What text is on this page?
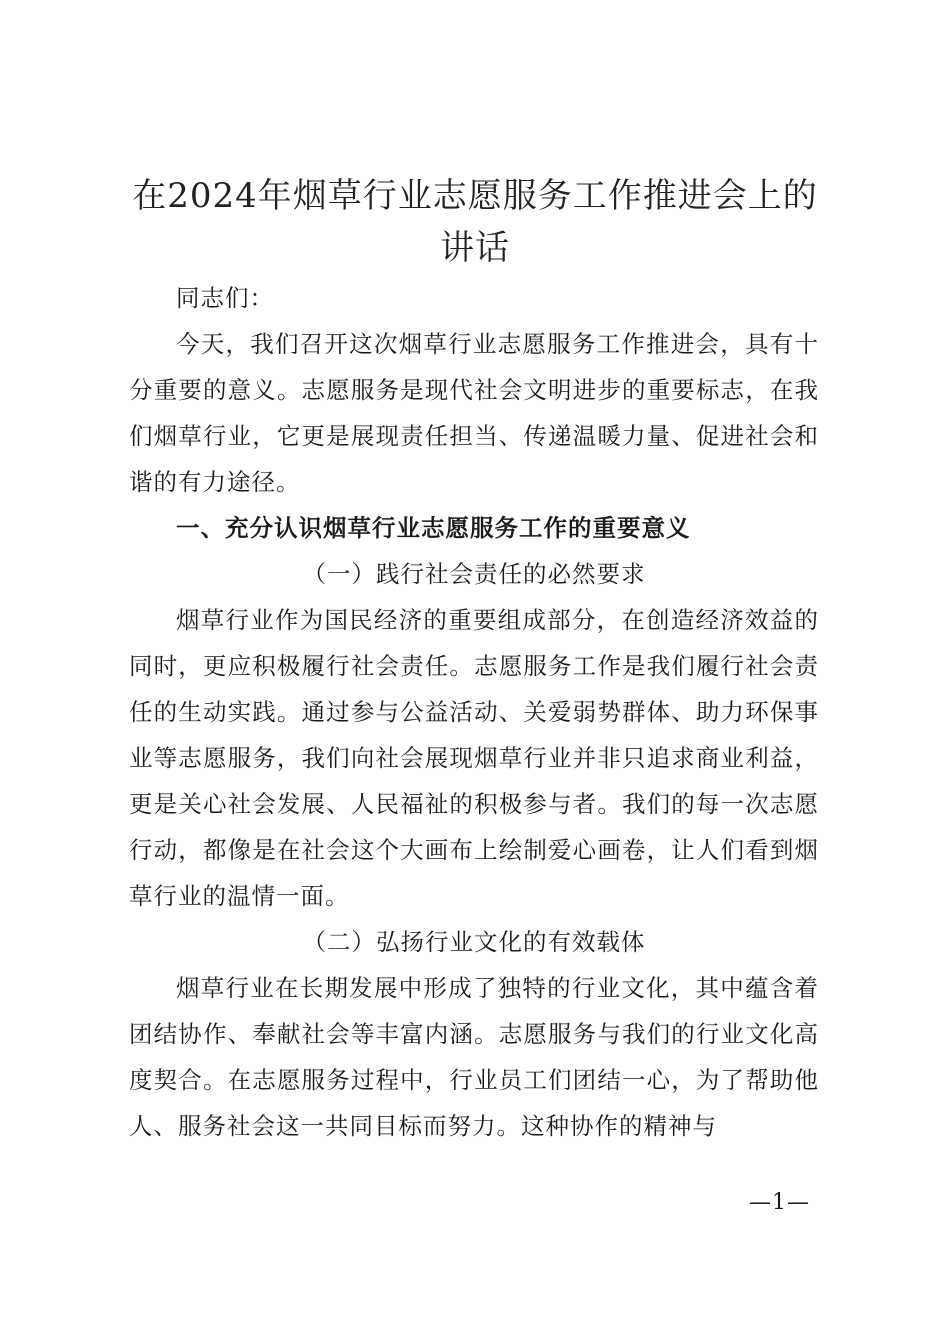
在2024年烟草行业志愿服务工作推进会上的讲话

同志们：

今天，我们召开这次烟草行业志愿服务工作推进会，具有十分重要的意义。志愿服务是现代社会文明进步的重要标志，在我们烟草行业，它更是展现责任担当、传递温暖力量、促进社会和谐的有力途径。

一、充分认识烟草行业志愿服务工作的重要意义

（一）践行社会责任的必然要求

烟草行业作为国民经济的重要组成部分，在创造经济效益的同时，更应积极履行社会责任。志愿服务工作是我们履行社会责任的生动实践。通过参与公益活动、关爱弱势群体、助力环保事业等志愿服务，我们向社会展现烟草行业并非只追求商业利益，更是关心社会发展、人民福祉的积极参与者。我们的每一次志愿行动，都像是在社会这个大画布上绘制爱心画卷，让人们看到烟草行业的温情一面。

（二）弘扬行业文化的有效载体

烟草行业在长期发展中形成了独特的行业文化，其中蕴含着团结协作、奉献社会等丰富内涵。志愿服务与我们的行业文化高度契合。在志愿服务过程中，行业员工们团结一心，为了帮助他人、服务社会这一共同目标而努力。这种协作的精神与

—1—
